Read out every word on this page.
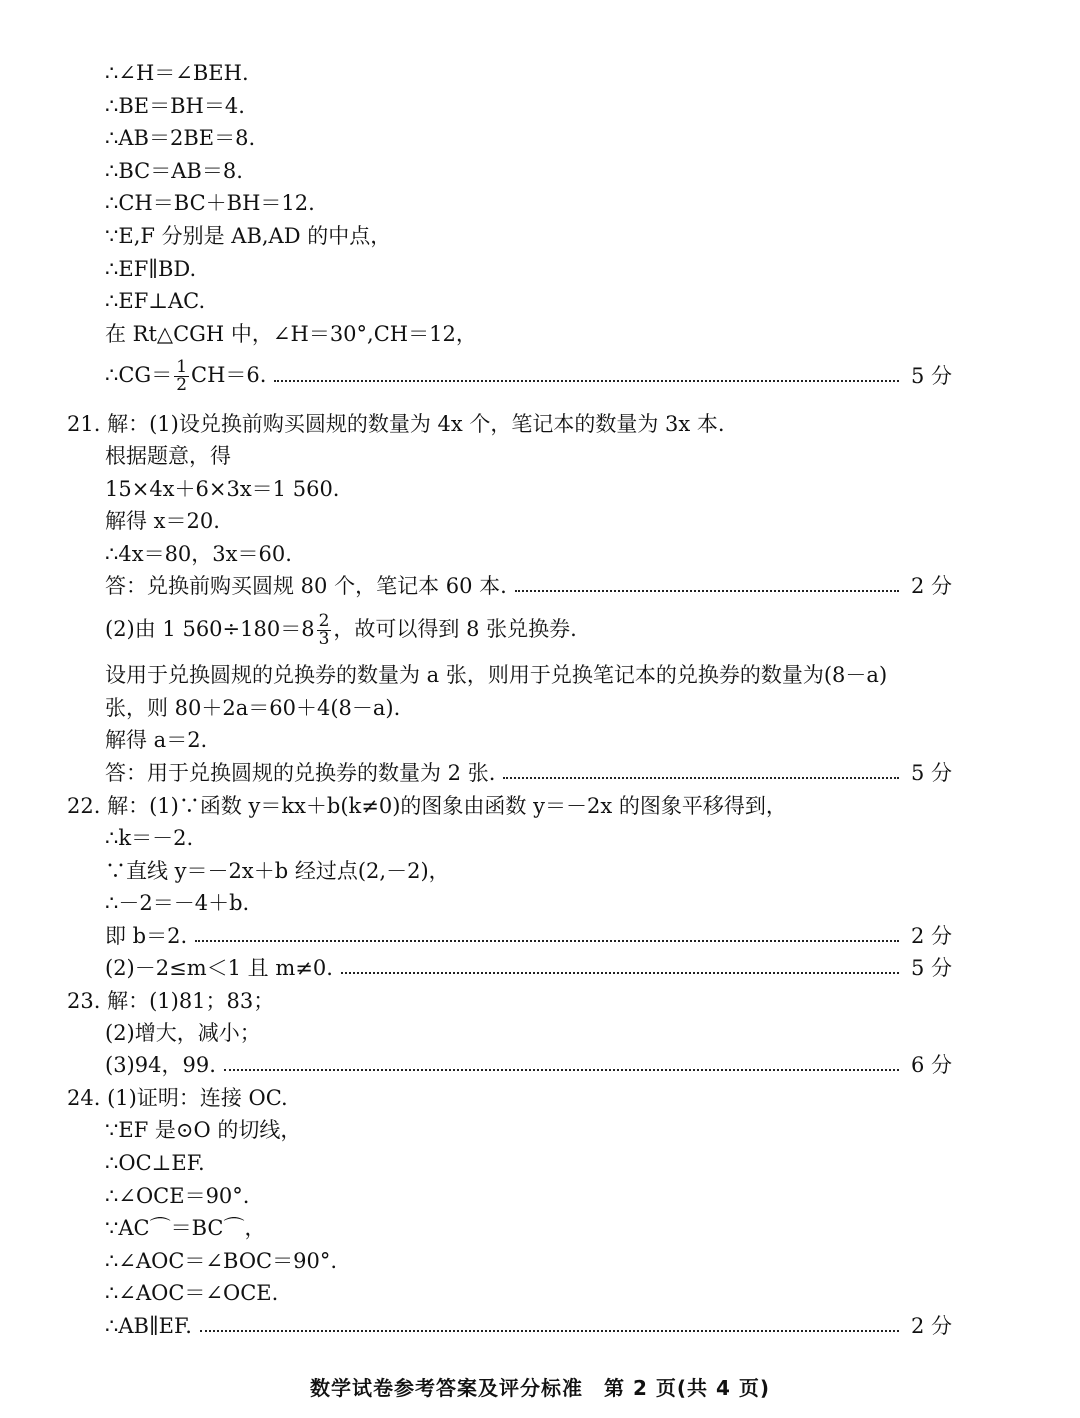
∴∠H＝∠BEH.
∴BE＝BH＝4.
∴AB＝2BE＝8.
∴BC＝AB＝8.
∴CH＝BC＋BH＝12.
∵E,F 分别是 AB,AD 的中点，
∴EF∥BD.
∴EF⊥AC.
在 Rt△CGH 中，∠H＝30°,CH＝12，
∴CG＝ $\frac{1}{2} CH=6$.	5 分
21. 解：(1)设兑换前购买圆规的数量为 4x 个，笔记本的数量为 3x 本.
根据题意，得
15×4x＋6×3x＝1 560.
解得 x＝20.
∴4x＝80，3x＝60.
答：兑换前购买圆规 80 个，笔记本 60 本.	2 分
(2)由 1 $560\div 180=8 \frac{2}{3}$ ，故可以得到 8 张兑换券.
设用于兑换圆规的兑换券的数量为 a 张，则用于兑换笔记本的兑换券的数量为(8－a)
张，则 80＋2a＝60＋4(8－a).
解得 a＝2.
答：用于兑换圆规的兑换券的数量为 2 张.	5 分
22. 解：(1)∵函数 y＝kx＋b(k≠0)的图象由函数 y＝－2x 的图象平移得到，
∴k＝－2.
∵直线 y＝－2x＋b 经过点(2,－2)，
∴－2＝－4＋b.
即 b＝2.	2 分
(2)－2≤m＜1 且 m≠0.	5 分
23. 解：(1)81；83；
(2)增大，减小；
(3)94，99.	6 分
24. (1)证明：连接 OC.
∵EF 是⊙O 的切线，
∴OC⊥EF.
∴∠OCE＝90°.
∵AC⌒＝BC⌒，
∴∠AOC＝∠BOC＝90°.
∴∠AOC＝∠OCE.
∴AB∥EF.	2 分
数学试卷参考答案及评分标准　第 2 页(共 4 页)
